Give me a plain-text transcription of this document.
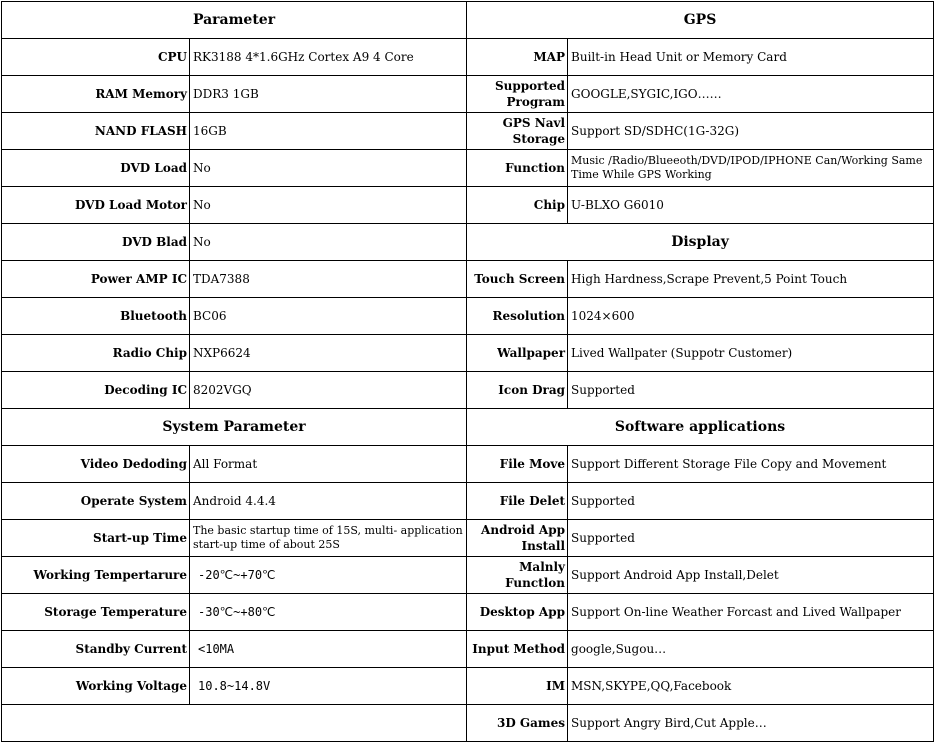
Parameter		GPS	
CPU	RK3188 4*1.6GHz Cortex A9 4 Core	MAP	Built-in Head Unit or Memory Card
RAM Memory	DDR3 1GB	Supported Program	GOOGLE,SYGIC,IGO……
NAND FLASH	16GB	GPS Navl Storage	Support SD/SDHC(1G-32G)
DVD Load	No	Function	Music /Radio/Blueeoth/DVD/IPOD/IPHONE Can/Working Same Time While GPS Working
DVD Load Motor	No	Chip	U-BLXO G6010
DVD Blad	No	Display	
Power AMP IC	TDA7388	Touch Screen	High Hardness,Scrape Prevent,5 Point Touch
Bluetooth	BC06	Resolution	1024×600
Radio Chip	NXP6624	Wallpaper	Lived Wallpater (Suppotr Customer)
Decoding IC	8202VGQ	Icon Drag	Supported
System Parameter		Software applications	
Video Dedoding	All Format	File Move	Support Different Storage File Copy and Movement
Operate System	Android 4.4.4	File Delet	Supported
Start-up Time	The basic startup time of 15S, multi- application start-up time of about 25S	Android App Install	Supported
Working Tempertarure	-20℃~+70℃	Malnly Functlon	Support Android App Install,Delet
Storage Temperature	-30℃~+80℃	Desktop App	Support On-line Weather Forcast and Lived Wallpaper
Standby Current	<10MA	Input Method	google,Sugou…
Working Voltage	10.8~14.8V	IM	MSN,SKYPE,QQ,Facebook
		3D Games	Support Angry Bird,Cut Apple…
